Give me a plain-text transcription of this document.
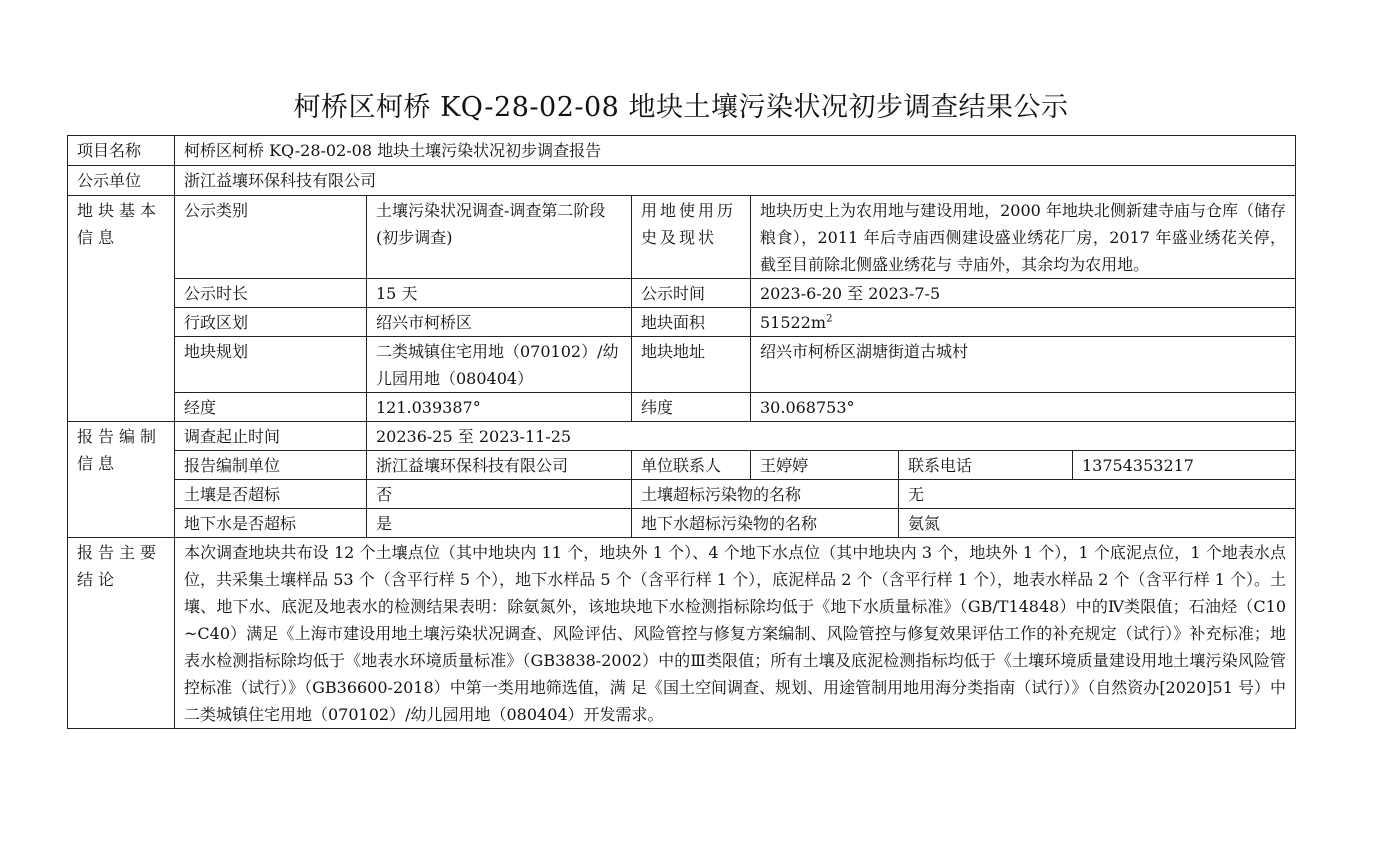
柯桥区柯桥 KQ-28-02-08 地块土壤污染状况初步调查结果公示
项目名称	柯桥区柯桥 KQ-28-02-08 地块土壤污染状况初步调查报告					
公示单位	浙江益壤环保科技有限公司					
地块基本信息	公示类别	土壤污染状况调查-调查第二阶段(初步调查)	用地使用历史及现状	地块历史上为农用地与建设用地，2000 年地块北侧新建寺庙与仓库（储存粮食），2011 年后寺庙西侧建设盛业绣花厂房，2017 年盛业绣花关停，截至目前除北侧盛业绣花与 寺庙外，其余均为农用地。		
	公示时长	15 天	公示时间	2023-6-20 至 2023-7-5		
	行政区划	绍兴市柯桥区	地块面积	$51522m^2$
	地块规划	二类城镇住宅用地（070102）/幼儿园用地（080404）	地块地址	绍兴市柯桥区湖塘街道古城村		
	经度	121.039387°	纬度	30.068753°		
报告编制信息	调查起止时间	20236-25 至 2023-11-25				
	报告编制单位	浙江益壤环保科技有限公司	单位联系人	王婷婷	联系电话	13754353217
	土壤是否超标	否	土壤超标污染物的名称		无	
	地下水是否超标	是	地下水超标污染物的名称		氨氮	
报告主要结论	本次调查地块共布设 12 个土壤点位（其中地块内 11 个，地块外 1 个）、4 个地下水点位（其中地块内 3 个，地块外 1 个），1 个底泥点位，1 个地表水点位，共采集土壤样品 53 个（含平行样 5 个），地下水样品 5 个（含平行样 1 个），底泥样品 2 个（含平行样 1 个），地表水样品 2 个（含平行样 1 个）。土壤、地下水、底泥及地表水的检测结果表明：除氨氮外，该地块地下水检测指标除均低于《地下水质量标准》（GB/T14848）中的Ⅳ类限值；石油烃（C10~C40）满足《上海市建设用地土壤污染状况调查、风险评估、风险管控与修复方案编制、风险管控与修复效果评估工作的补充规定（试行）》补充标准；地表水检测指标除均低于《地表水环境质量标准》（GB3838-2002）中的Ⅲ类限值；所有土壤及底泥检测指标均低于《土壤环境质量建设用地土壤污染风险管控标准（试行）》（GB36600-2018）中第一类用地筛选值，满 足《国土空间调查、规划、用途管制用地用海分类指南（试行）》（自然资办[2020]51 号）中二类城镇住宅用地（070102）/幼儿园用地（080404）开发需求。					
